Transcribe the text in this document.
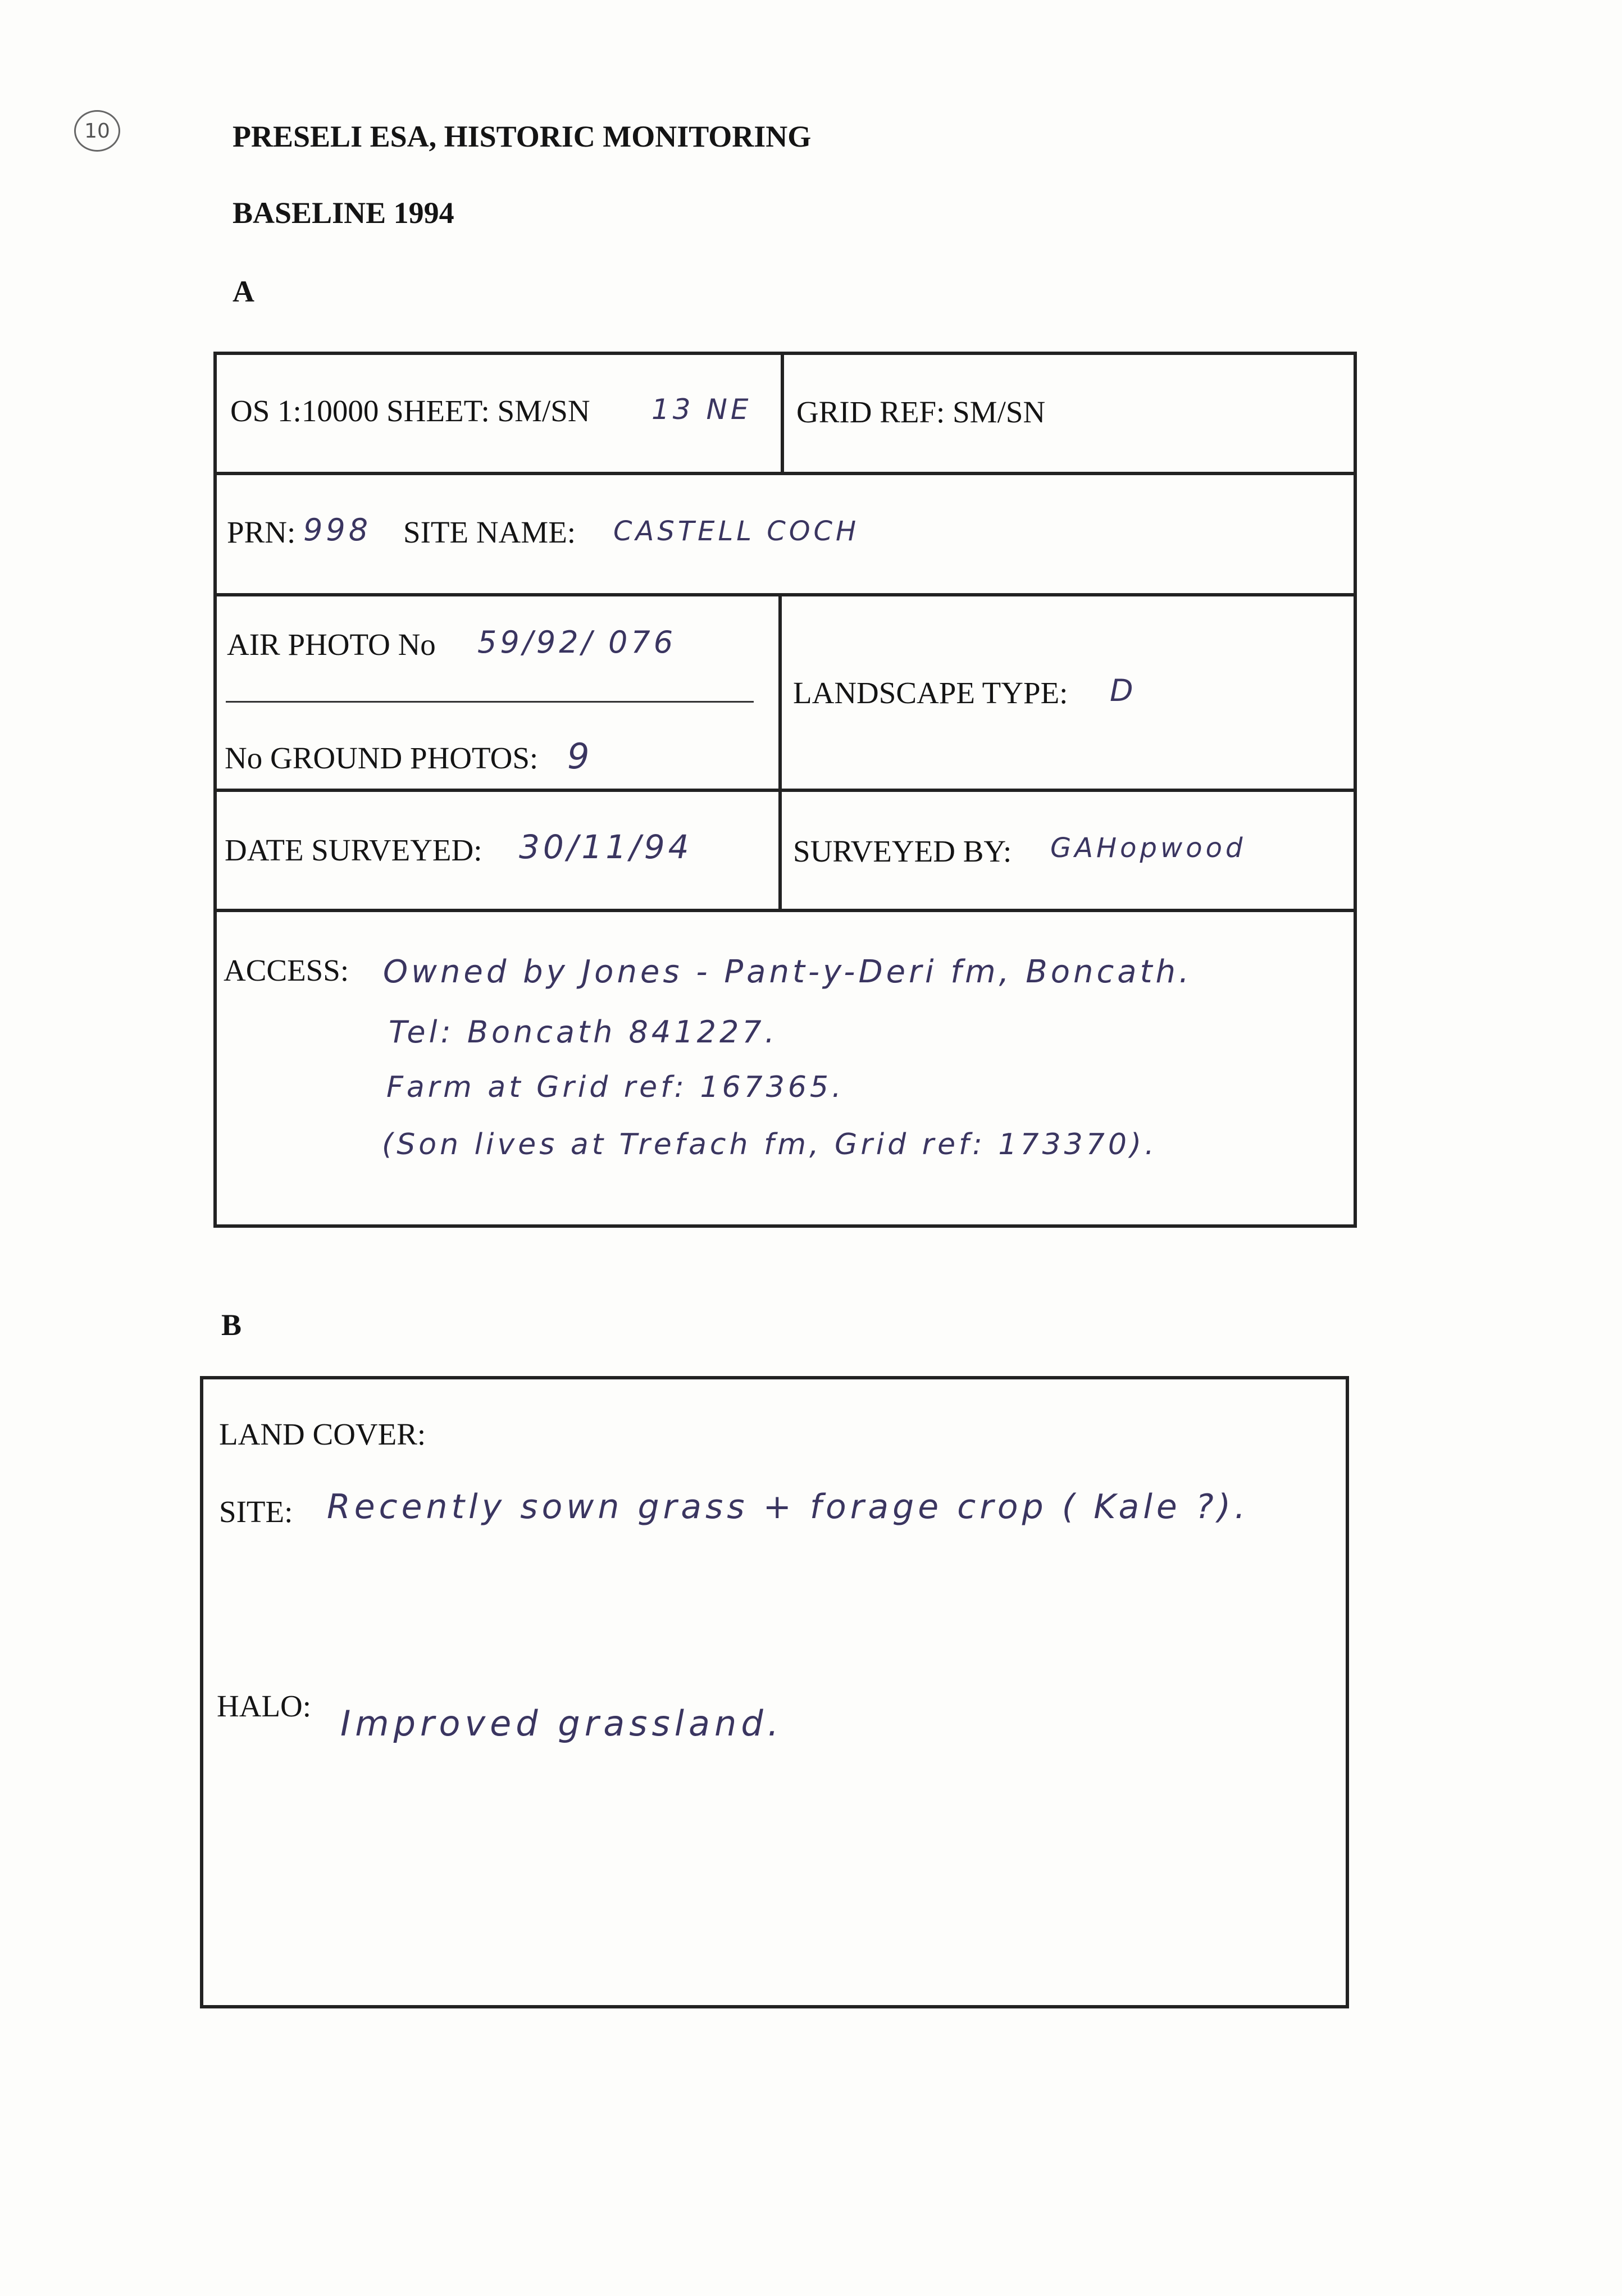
10	PRESELI ESA, HISTORIC MONITORING
BASELINE 1994
A
OS 1:10000 SHEET: SM/SN 13 NE GRID REF: SM/SN
PRN: 998 SITE NAME: CASTELL COCH
AIR PHOTO No 59/92/ 076
No GROUND PHOTOS: 9
LANDSCAPE TYPE: D
DATE SURVEYED: 30/11/94	SURVEYED BY: GAHopwood
ACCESS: Owned by Jones - Pant-y-Deri fm, Boncath.
Tel: Boncath 841227.
Farm at Grid ref: 167365.
(Son lives at Trefach fm, Grid ref: 173370).
B
LAND COVER:
SITE: Recently sown grass + forage crop ( Kale ?).
HALO: Improved grassland.
